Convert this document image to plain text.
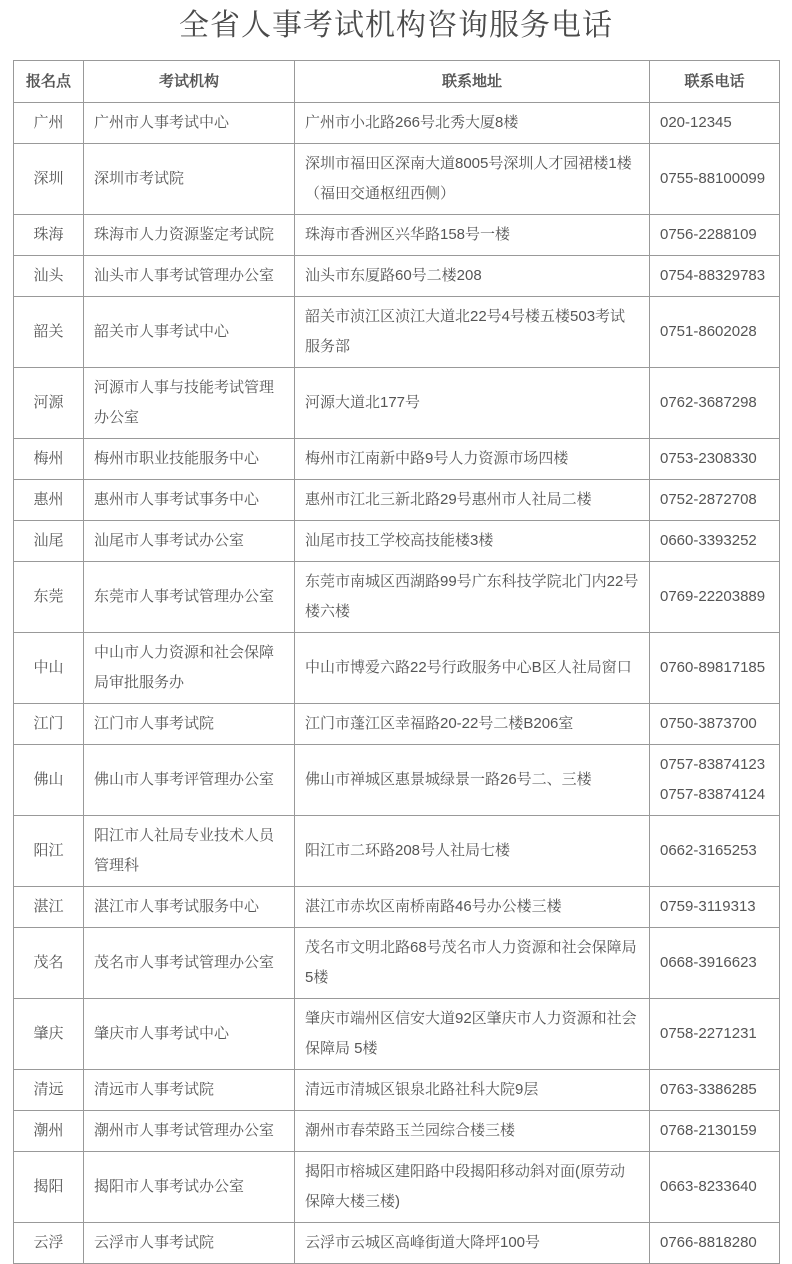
全省人事考试机构咨询服务电话
报名点	考试机构	联系地址	联系电话
广州	广州市人事考试中心	广州市小北路266号北秀大厦8楼	020-12345

深圳	深圳市考试院	深圳市福田区深南大道8005号深圳人才园裙楼1楼（福田交通枢纽西侧）	0755-88100099

珠海	珠海市人力资源鉴定考试院	珠海市香洲区兴华路158号一楼	0756-2288109

汕头	汕头市人事考试管理办公室	汕头市东厦路60号二楼208	0754-88329783

韶关	韶关市人事考试中心	韶关市浈江区浈江大道北22号4号楼五楼503考试服务部	0751-8602028

河源	河源市人事与技能考试管理办公室	河源大道北177号	0762-3687298

梅州	梅州市职业技能服务中心	梅州市江南新中路9号人力资源市场四楼	0753-2308330

惠州	惠州市人事考试事务中心	惠州市江北三新北路29号惠州市人社局二楼	0752-2872708

汕尾	汕尾市人事考试办公室	汕尾市技工学校高技能楼3楼	0660-3393252

东莞	东莞市人事考试管理办公室	东莞市南城区西湖路99号广东科技学院北门内22号楼六楼	0769-22203889

中山	中山市人力资源和社会保障局审批服务办	中山市博爱六路22号行政服务中心B区人社局窗口	0760-89817185

江门	江门市人事考试院	江门市蓬江区幸福路20-22号二楼B206室	0750-3873700

佛山	佛山市人事考评管理办公室	佛山市禅城区惠景城绿景一路26号二、三楼	0757-83874123
0757-83874124

阳江	阳江市人社局专业技术人员管理科	阳江市二环路208号人社局七楼	0662-3165253

湛江	湛江市人事考试服务中心	湛江市赤坎区南桥南路46号办公楼三楼	0759-3119313

茂名	茂名市人事考试管理办公室	茂名市文明北路68号茂名市人力资源和社会保障局5楼	0668-3916623

肇庆	肇庆市人事考试中心	肇庆市端州区信安大道92区肇庆市人力资源和社会保障局 5楼	0758-2271231

清远	清远市人事考试院	清远市清城区银泉北路社科大院9层	0763-3386285

潮州	潮州市人事考试管理办公室	潮州市春荣路玉兰园综合楼三楼	0768-2130159

揭阳	揭阳市人事考试办公室	揭阳市榕城区建阳路中段揭阳移动斜对面(原劳动保障大楼三楼)	0663-8233640

云浮	云浮市人事考试院	云浮市云城区高峰街道大降坪100号	0766-8818280
